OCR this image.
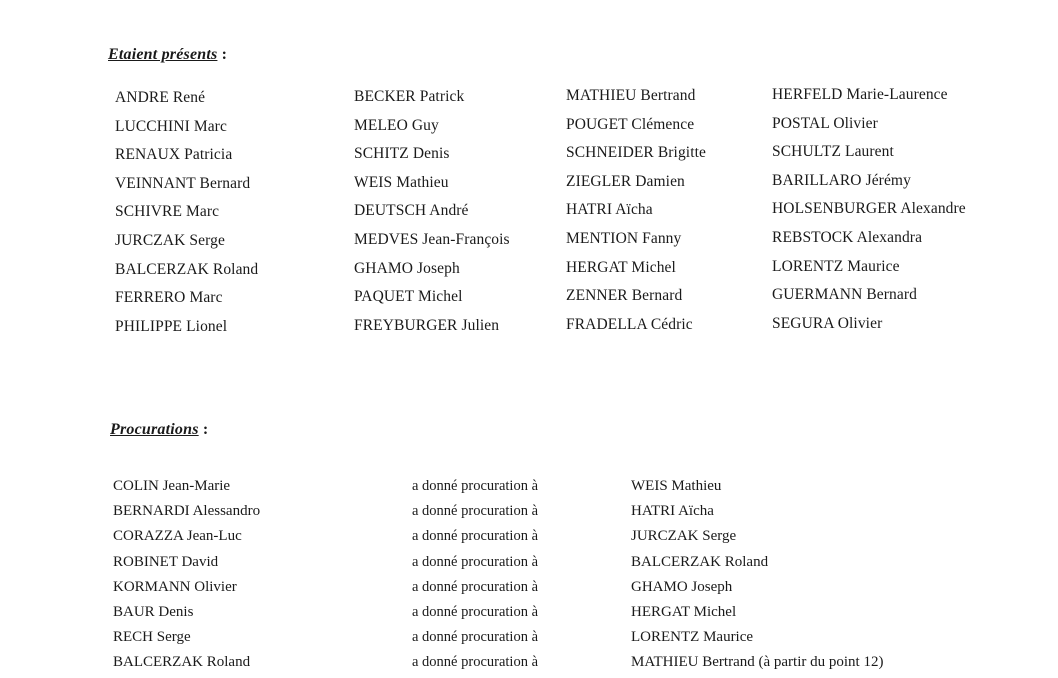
Etaient présents :
ANDRE René
LUCCHINI Marc
RENAUX Patricia
VEINNANT Bernard
SCHIVRE Marc
JURCZAK Serge
BALCERZAK Roland
FERRERO Marc
PHILIPPE Lionel
BECKER Patrick
MELEO Guy
SCHITZ Denis
WEIS Mathieu
DEUTSCH André
MEDVES Jean-François
GHAMO Joseph
PAQUET Michel
FREYBURGER Julien
MATHIEU Bertrand
POUGET Clémence
SCHNEIDER Brigitte
ZIEGLER Damien
HATRI Aïcha
MENTION Fanny
HERGAT Michel
ZENNER Bernard
FRADELLA Cédric
HERFELD Marie-Laurence
POSTAL Olivier
SCHULTZ Laurent
BARILLARO Jérémy
HOLSENBURGER Alexandre
REBSTOCK Alexandra
LORENTZ Maurice
GUERMANN Bernard
SEGURA Olivier
Procurations :
COLIN Jean-Marie	a donné procuration à	WEIS Mathieu
BERNARDI Alessandro	a donné procuration à	HATRI Aïcha
CORAZZA Jean-Luc	a donné procuration à	JURCZAK Serge
ROBINET David	a donné procuration à	BALCERZAK Roland
KORMANN Olivier	a donné procuration à	GHAMO Joseph
BAUR Denis	a donné procuration à	HERGAT Michel
RECH Serge	a donné procuration à	LORENTZ Maurice
BALCERZAK Roland	a donné procuration à	MATHIEU Bertrand (à partir du point 12)
